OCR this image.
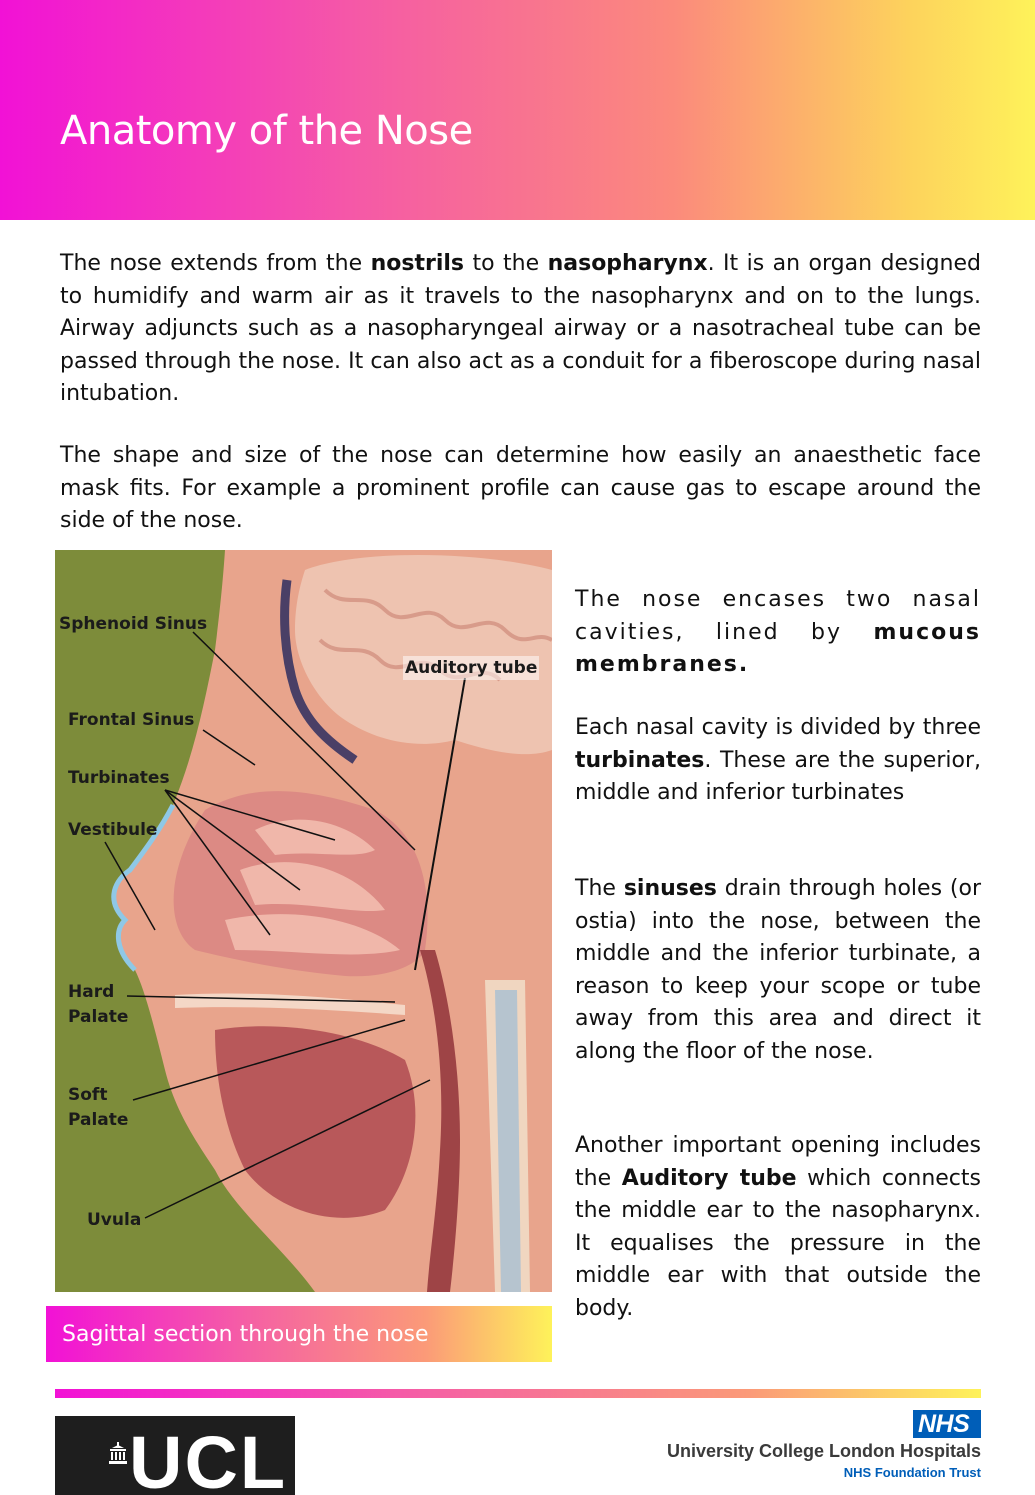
Anatomy of the Nose

The nose extends from the nostrils to the nasopharynx. It is an organ designed to humidify and warm air as it travels to the nasopharynx and on to the lungs. Airway adjuncts such as a nasopharyngeal airway or a nasotracheal tube can be passed through the nose. It can also act as a conduit for a fiberoscope during nasal intubation.

The shape and size of the nose can determine how easily an anaesthetic face mask fits. For example a prominent profile can cause gas to escape around the side of the nose.

Sphenoid Sinus
Auditory tube
Frontal Sinus
Turbinates
Vestibule
Hard
Palate
Soft
Palate
Uvula
Sagittal section through the nose

The nose encases two nasal cavities, lined by mucous membranes.

Each nasal cavity is divided by three turbinates. These are the superior, middle and inferior turbinates

The sinuses drain through holes (or ostia) into the nose, between the middle and the inferior turbinate, a reason to keep your scope or tube away from this area and direct it along the floor of the nose.

Another important opening includes the Auditory tube which connects the middle ear to the nasopharynx. It equalises the pressure in the middle ear with that outside the body.

UCL	NHS
University College London Hospitals
NHS Foundation Trust
